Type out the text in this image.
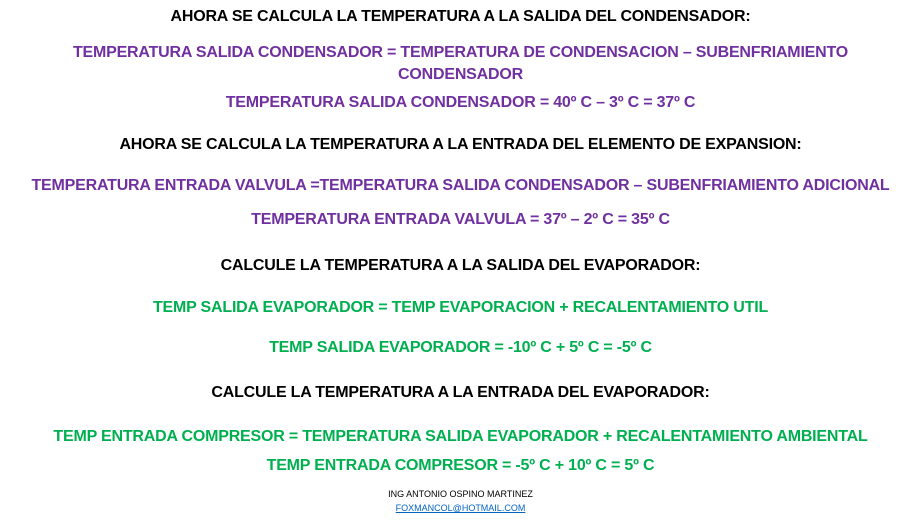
AHORA SE CALCULA LA TEMPERATURA A LA SALIDA DEL CONDENSADOR:
TEMPERATURA SALIDA CONDENSADOR = TEMPERATURA DE CONDENSACION – SUBENFRIAMIENTO
CONDENSADOR
TEMPERATURA SALIDA CONDENSADOR = 40º C – 3º C = 37º C
AHORA SE CALCULA LA TEMPERATURA A LA ENTRADA DEL ELEMENTO DE EXPANSION:
TEMPERATURA ENTRADA VALVULA =TEMPERATURA SALIDA CONDENSADOR – SUBENFRIAMIENTO ADICIONAL
TEMPERATURA ENTRADA VALVULA = 37º – 2º C = 35º C
CALCULE LA TEMPERATURA A LA SALIDA DEL EVAPORADOR:
TEMP SALIDA EVAPORADOR = TEMP EVAPORACION + RECALENTAMIENTO UTIL
TEMP SALIDA EVAPORADOR = -10º C + 5º C = -5º C
CALCULE LA TEMPERATURA A LA ENTRADA DEL EVAPORADOR:
TEMP ENTRADA COMPRESOR = TEMPERATURA SALIDA EVAPORADOR + RECALENTAMIENTO AMBIENTAL
TEMP ENTRADA COMPRESOR = -5º C + 10º C = 5º C
ING ANTONIO OSPINO MARTINEZ
FOXMANCOL@HOTMAIL.COM
